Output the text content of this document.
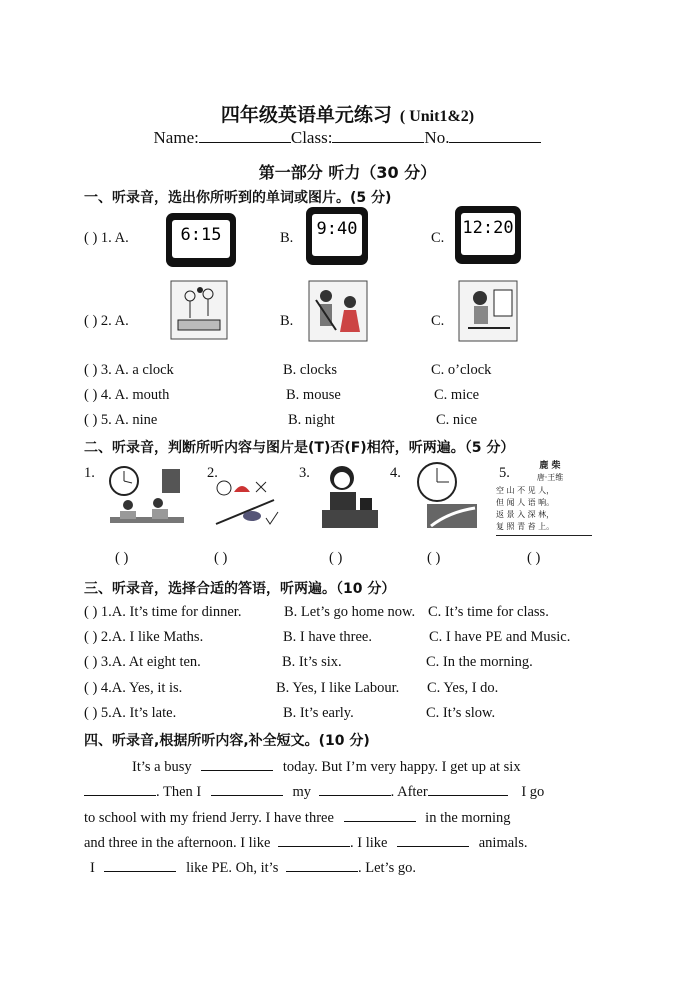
四年级英语单元练习 ( Unit1&2)
Name:	Class:	No.
第一部分 听力（30 分）
一、听录音，选出你所听到的单词或图片。(5 分)
( ) 1. A.	6:15	B. 9:40	C. 12:20
( ) 2. A.	B.	C.
( ) 3. A. a clock	B. clocks	C. o’clock
( ) 4. A. mouth	B. mouse	C. mice
( ) 5. A. nine	B. night	C. nice
二、听录音，判断所听内容与图片是(T)否(F)相符，听两遍。（5 分）
1.	2.	3.	4.	5.	鹿 柴
唐·王维
空 山 不 见 人，
但 闻 人 语 响。
返 景 入 深 林，
复 照 青 苔 上。
( )	( )	( )	( )	( )
三、听录音，选择合适的答语，听两遍。（10 分）
( ) 1.A. It’s time for dinner.	B. Let’s go home now. C. It’s time for class.
( ) 2.A. I like Maths.	B. I have three.	C. I have PE and Music.
( ) 3.A. At eight ten.	B. It’s six.	C. In the morning.
( ) 4.A. Yes, it is.	B. Yes, I like Labour. C. Yes, I do.
( ) 5.A. It’s late.	B. It’s early.	C. It’s slow.
四、听录音,根据所听内容,补全短文。(10 分)
It’s a busy	today. But I’m very happy. I get up at six
. Then I	my	. After	I go
to school with my friend Jerry. I have three	in the morning
and three in the afternoon. I like	. I like	animals.
I	like PE. Oh, it’s	. Let’s go.
